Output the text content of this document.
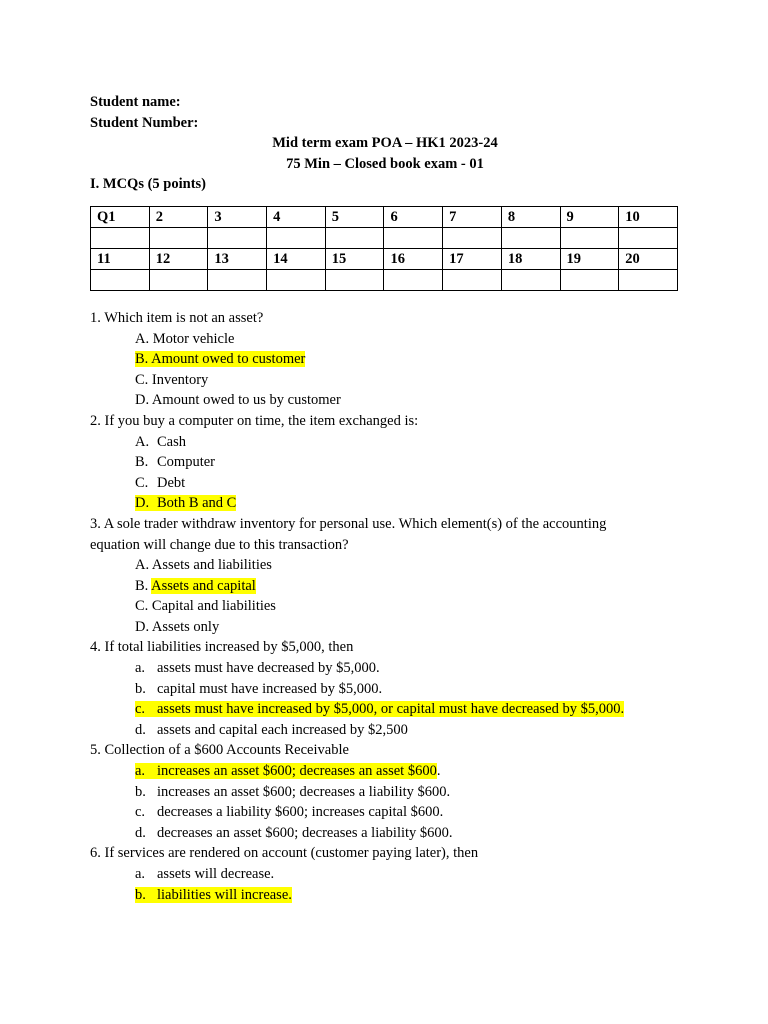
Student name:
Student Number:
Mid term exam POA – HK1 2023-24
75 Min – Closed book exam - 01
I. MCQs (5 points)
Q1	2	3	4	5	6	7	8	9	10

11	12	13	14	15	16	17	18	19	20

1. Which item is not an asset?
A. Motor vehicle
B. Amount owed to customer
C. Inventory
D. Amount owed to us by customer
2. If you buy a computer on time, the item exchanged is:
A. Cash
B. Computer
C. Debt
D. Both B and C
3. A sole trader withdraw inventory for personal use. Which element(s) of the accounting
equation will change due to this transaction?
A. Assets and liabilities
B. Assets and capital
C. Capital and liabilities
D. Assets only
4. If total liabilities increased by $5,000, then
a. assets must have decreased by $5,000.
b. capital must have increased by $5,000.
c. assets must have increased by $5,000, or capital must have decreased by $5,000.
d. assets and capital each increased by $2,500
5. Collection of a $600 Accounts Receivable
a. increases an asset $600; decreases an asset $600.
b. increases an asset $600; decreases a liability $600.
c. decreases a liability $600; increases capital $600.
d. decreases an asset $600; decreases a liability $600.
6. If services are rendered on account (customer paying later), then
a. assets will decrease.
b. liabilities will increase.
